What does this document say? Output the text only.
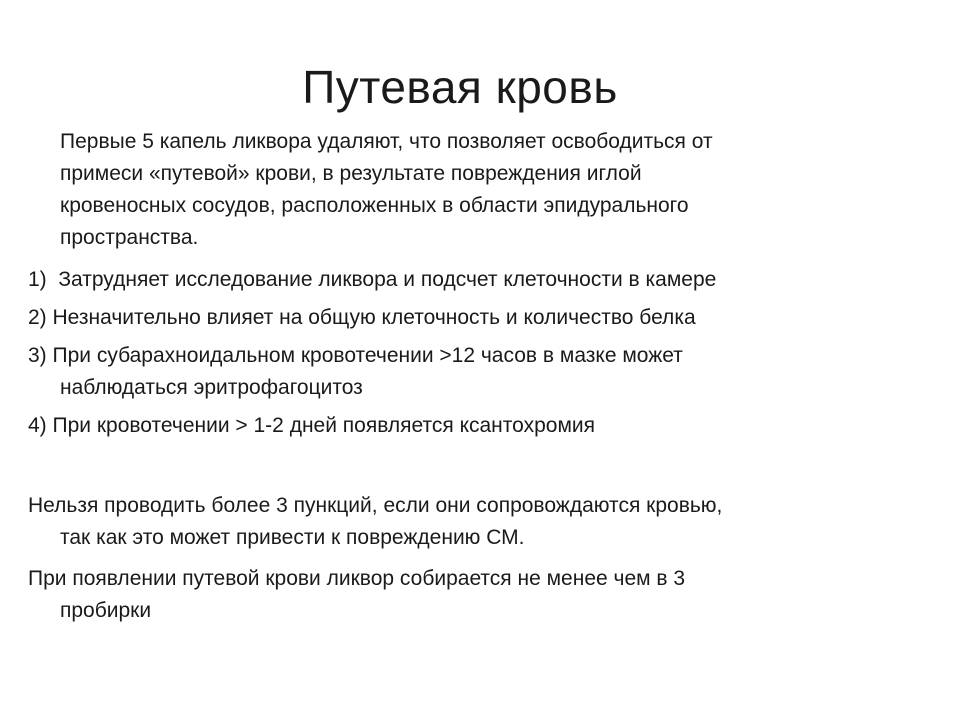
Путевая кровь
Первые 5 капель ликвора удаляют, что позволяет освободиться от
примеси «путевой» крови, в результате повреждения иглой
кровеносных сосудов, расположенных в области эпидурального
пространства.
1)  Затрудняет исследование ликвора и подсчет клеточности в камере
2) Незначительно влияет на общую клеточность и количество белка
3) При субарахноидальном кровотечении >12 часов в мазке может
наблюдаться эритрофагоцитоз
4) При кровотечении > 1-2 дней появляется ксантохромия
Нельзя проводить более 3 пункций, если они сопровождаются кровью,
так как это может привести к повреждению СМ.
При появлении путевой крови ликвор собирается не менее чем в 3
пробирки
